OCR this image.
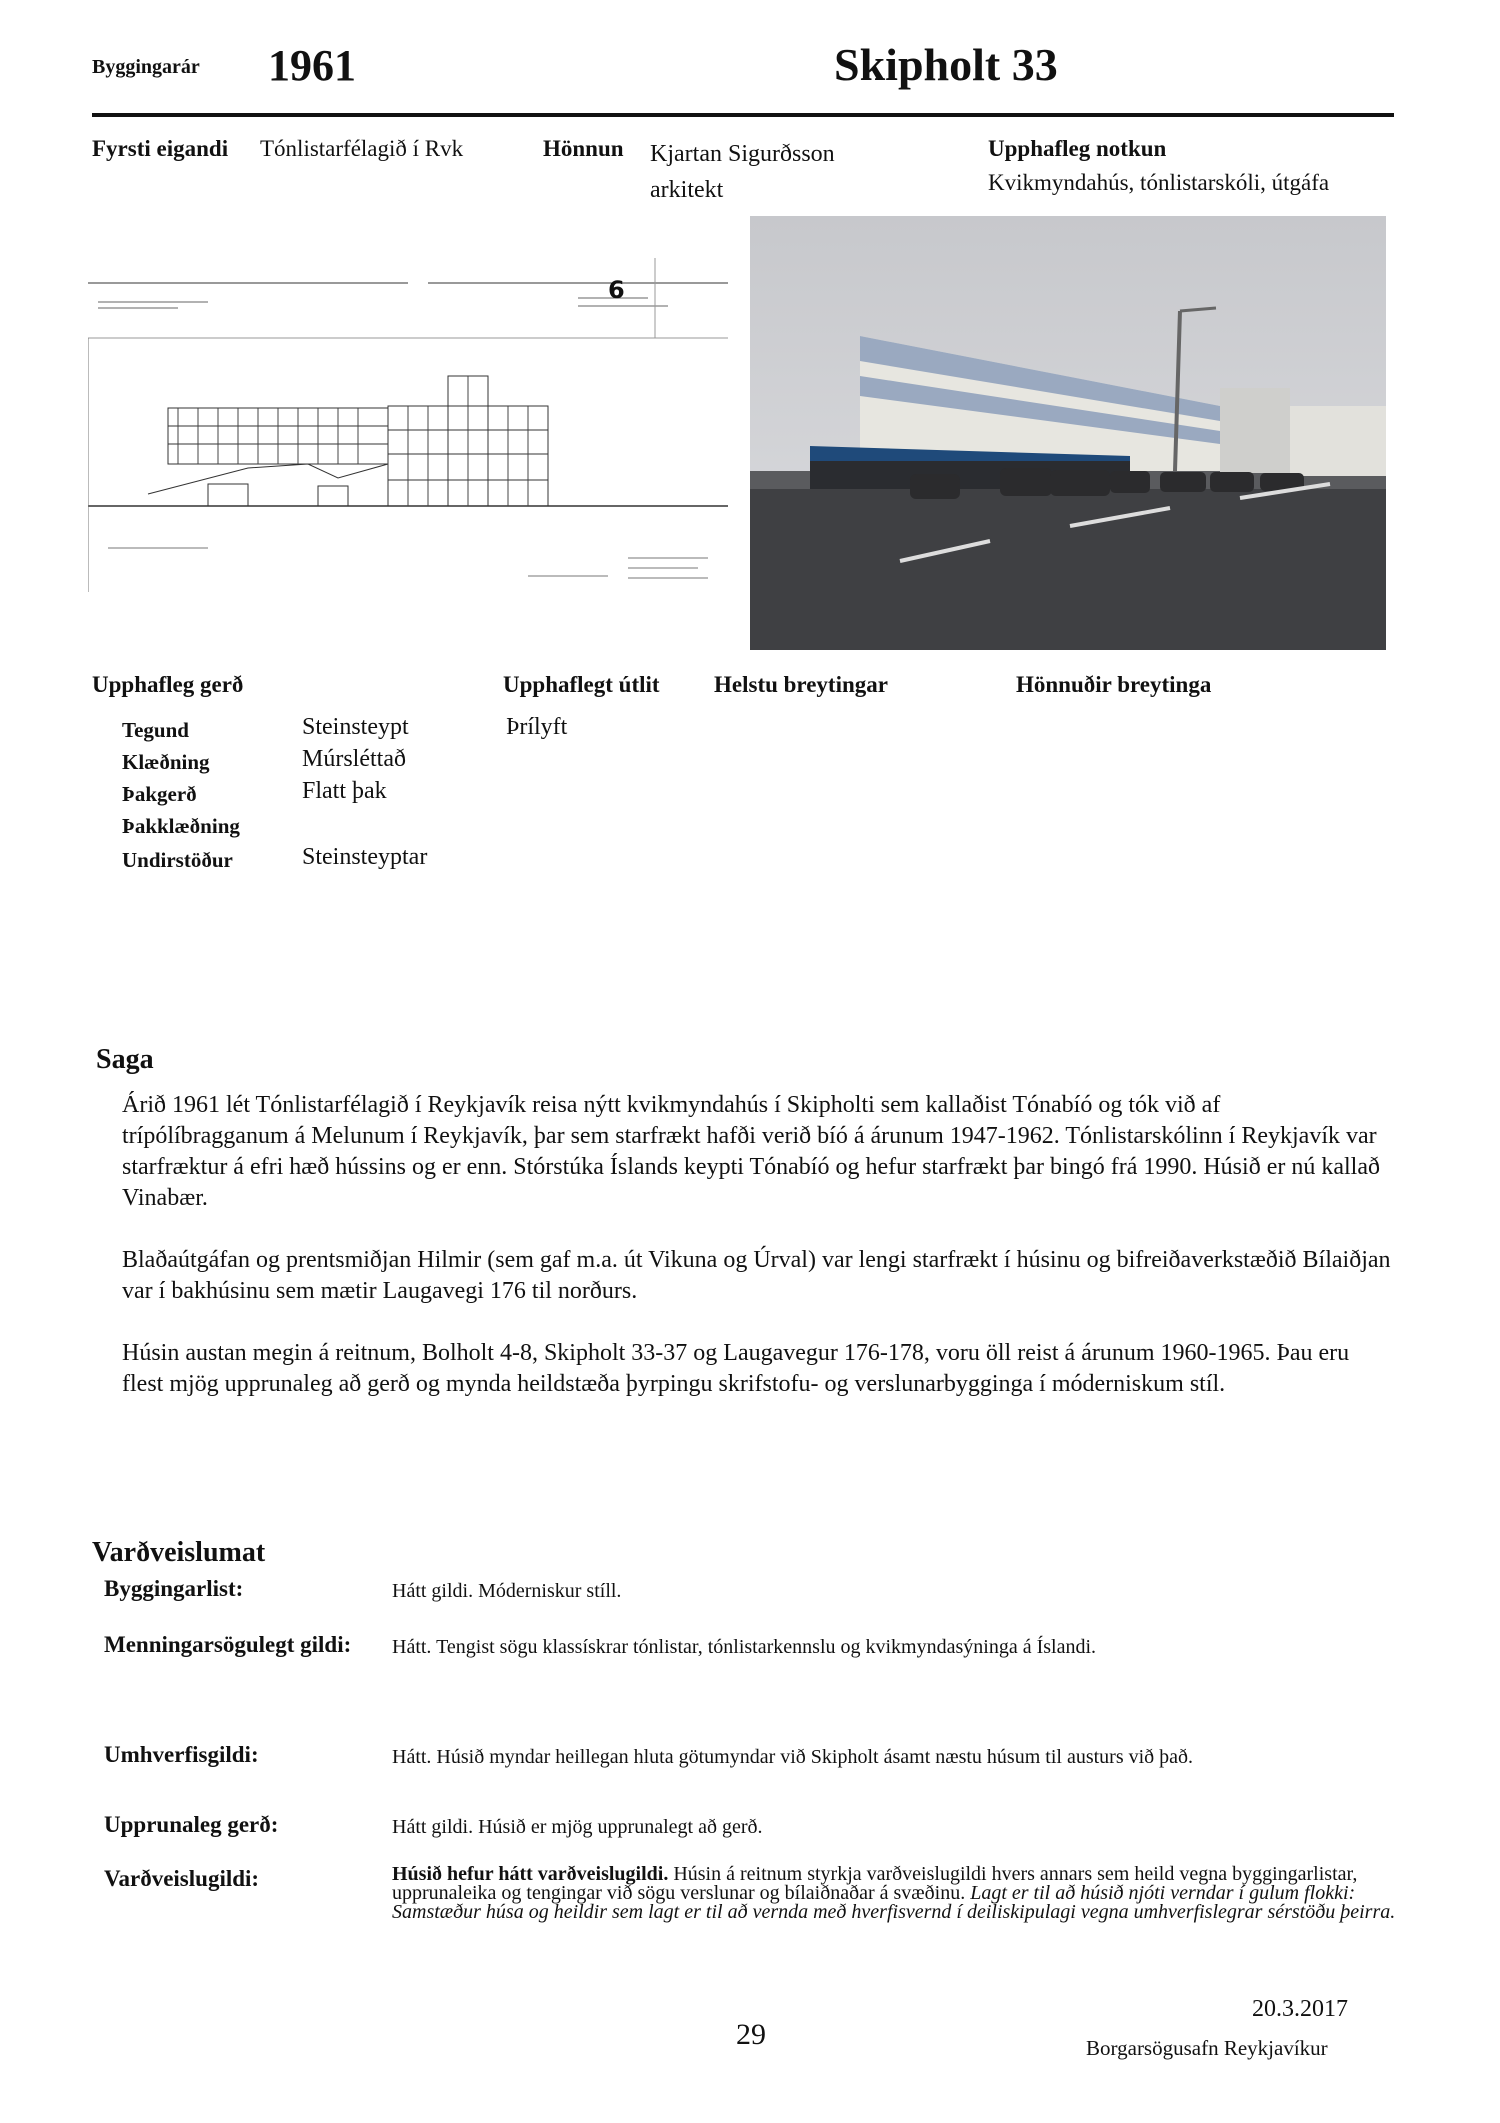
Byggingarár 1961	Skipholt 33
Fyrsti eigandi Tónlistarfélagið í Rvk	Hönnun Kjartan Sigurðsson arkitekt
Upphafleg notkun
Kvikmyndahús, tónlistarskóli, útgáfa
6
Upphafleg gerð	Upphaflegt útlit Helstu breytingar	Hönnuðir breytinga
Tegund	Steinsteypt	Þrílyft
Klæðning	Múrsléttað
Þakgerð	Flatt þak
Þakklæðning
Undirstöður	Steinsteyptar
Saga

Árið 1961 lét Tónlistarfélagið í Reykjavík reisa nýtt kvikmyndahús í Skipholti sem kallaðist Tónabíó og tók við af trípólíbragganum á Melunum í Reykjavík, þar sem starfrækt hafði verið bíó á árunum 1947-1962. Tónlistarskólinn í Reykjavík var starfræktur á efri hæð hússins og er enn. Stórstúka Íslands keypti Tónabíó og hefur starfrækt þar bingó frá 1990. Húsið er nú kallað Vinabær.

Blaðaútgáfan og prentsmiðjan Hilmir (sem gaf m.a. út Vikuna og Úrval) var lengi starfrækt í húsinu og bifreiðaverkstæðið Bílaiðjan var í bakhúsinu sem mætir Laugavegi 176 til norðurs.

Húsin austan megin á reitnum, Bolholt 4-8, Skipholt 33-37 og Laugavegur 176-178, voru öll reist á árunum 1960-1965. Þau eru flest mjög upprunaleg að gerð og mynda heildstæða þyrpingu skrifstofu- og verslunarbygginga í móderniskum stíl.

Varðveislumat
Byggingarlist:	Hátt gildi. Móderniskur stíll.
Menningarsögulegt gildi: Hátt. Tengist sögu klassískrar tónlistar, tónlistarkennslu og kvikmyndasýninga á Íslandi.
Umhverfisgildi:	Hátt. Húsið myndar heillegan hluta götumyndar við Skipholt ásamt næstu húsum til austurs við það.
Upprunaleg gerð:	Hátt gildi. Húsið er mjög upprunalegt að gerð.
Varðveislugildi:	Húsið hefur hátt varðveislugildi. Húsin á reitnum styrkja varðveislugildi hvers annars sem heild vegna byggingarlistar, upprunaleika og tengingar við sögu verslunar og bílaiðnaðar á svæðinu. Lagt er til að húsið njóti verndar í gulum flokki: Samstæður húsa og heildir sem lagt er til að vernda með hverfisvernd í deiliskipulagi vegna umhverfislegrar sérstöðu þeirra.
29
20.3.2017
Borgarsögusafn Reykjavíkur
